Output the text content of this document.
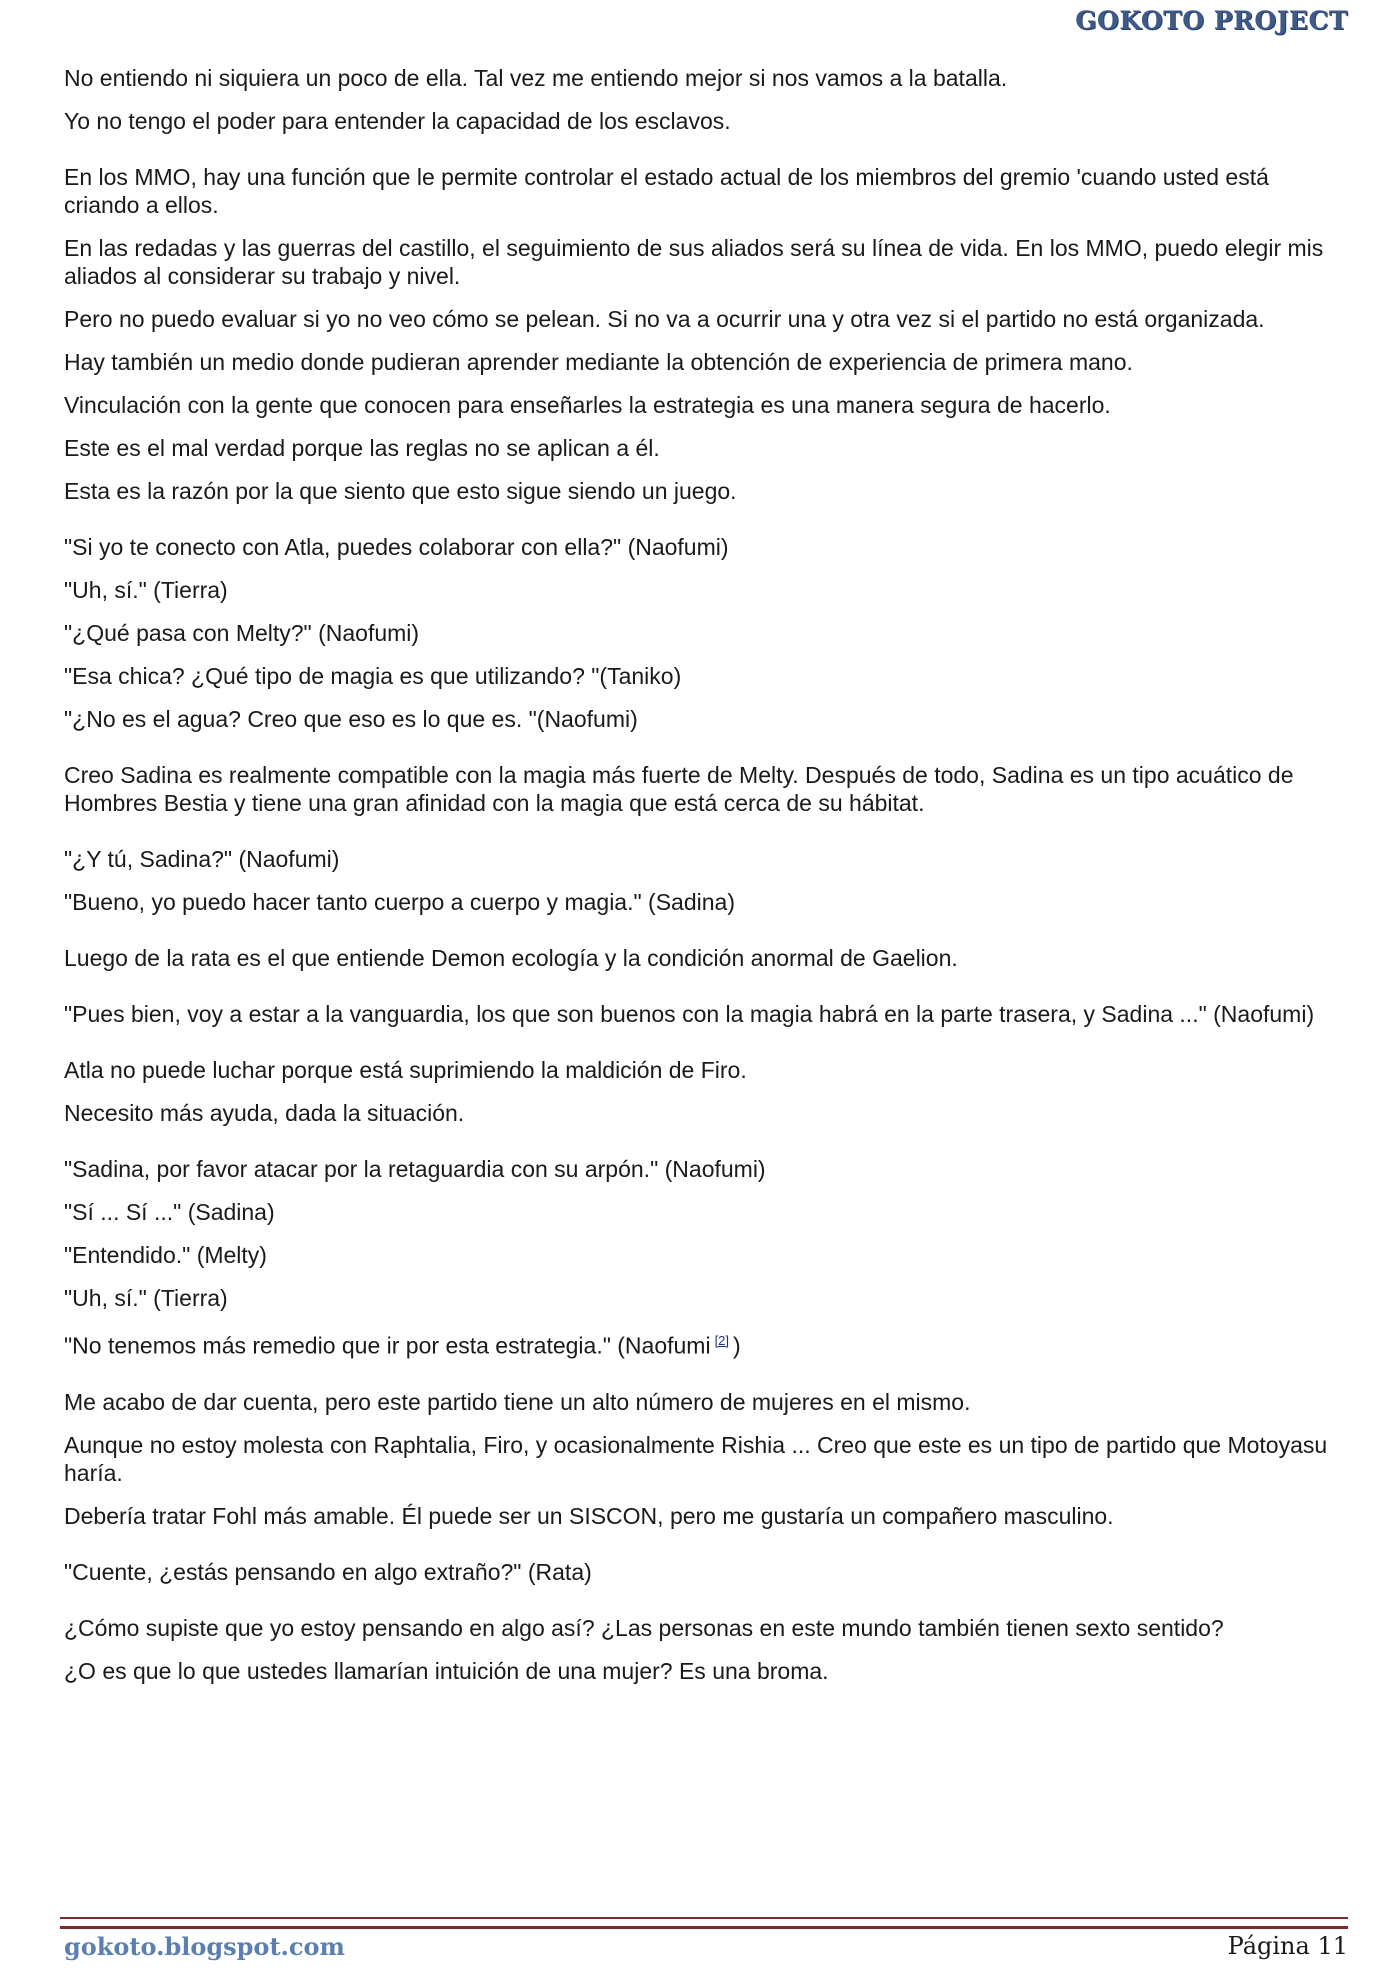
GOKOTO PROJECT

No entiendo ni siquiera un poco de ella. Tal vez me entiendo mejor si nos vamos a la batalla.

Yo no tengo el poder para entender la capacidad de los esclavos.

En los MMO, hay una función que le permite controlar el estado actual de los miembros del gremio 'cuando usted está criando a ellos.

En las redadas y las guerras del castillo, el seguimiento de sus aliados será su línea de vida. En los MMO, puedo elegir mis aliados al considerar su trabajo y nivel.

Pero no puedo evaluar si yo no veo cómo se pelean. Si no va a ocurrir una y otra vez si el partido no está organizada.

Hay también un medio donde pudieran aprender mediante la obtención de experiencia de primera mano.

Vinculación con la gente que conocen para enseñarles la estrategia es una manera segura de hacerlo.

Este es el mal verdad porque las reglas no se aplican a él.

Esta es la razón por la que siento que esto sigue siendo un juego.

"Si yo te conecto con Atla, puedes colaborar con ella?" (Naofumi)

"Uh, sí." (Tierra)

"¿Qué pasa con Melty?" (Naofumi)

"Esa chica? ¿Qué tipo de magia es que utilizando? "(Taniko)

"¿No es el agua? Creo que eso es lo que es. "(Naofumi)

Creo Sadina es realmente compatible con la magia más fuerte de Melty. Después de todo, Sadina es un tipo acuático de Hombres Bestia y tiene una gran afinidad con la magia que está cerca de su hábitat.

"¿Y tú, Sadina?" (Naofumi)

"Bueno, yo puedo hacer tanto cuerpo a cuerpo y magia." (Sadina)

Luego de la rata es el que entiende Demon ecología y la condición anormal de Gaelion.

"Pues bien, voy a estar a la vanguardia, los que son buenos con la magia habrá en la parte trasera, y Sadina ..." (Naofumi)

Atla no puede luchar porque está suprimiendo la maldición de Firo.

Necesito más ayuda, dada la situación.

"Sadina, por favor atacar por la retaguardia con su arpón." (Naofumi)

"Sí ... Sí ..." (Sadina)

"Entendido." (Melty)

"Uh, sí." (Tierra)

"No tenemos más remedio que ir por esta estrategia." (Naofumi [2] )

Me acabo de dar cuenta, pero este partido tiene un alto número de mujeres en el mismo.

Aunque no estoy molesta con Raphtalia, Firo, y ocasionalmente Rishia ... Creo que este es un tipo de partido que Motoyasu haría.

Debería tratar Fohl más amable. Él puede ser un SISCON, pero me gustaría un compañero masculino.

"Cuente, ¿estás pensando en algo extraño?" (Rata)

¿Cómo supiste que yo estoy pensando en algo así? ¿Las personas en este mundo también tienen sexto sentido?

¿O es que lo que ustedes llamarían intuición de una mujer? Es una broma.

gokoto.blogspot.com	Página 11
